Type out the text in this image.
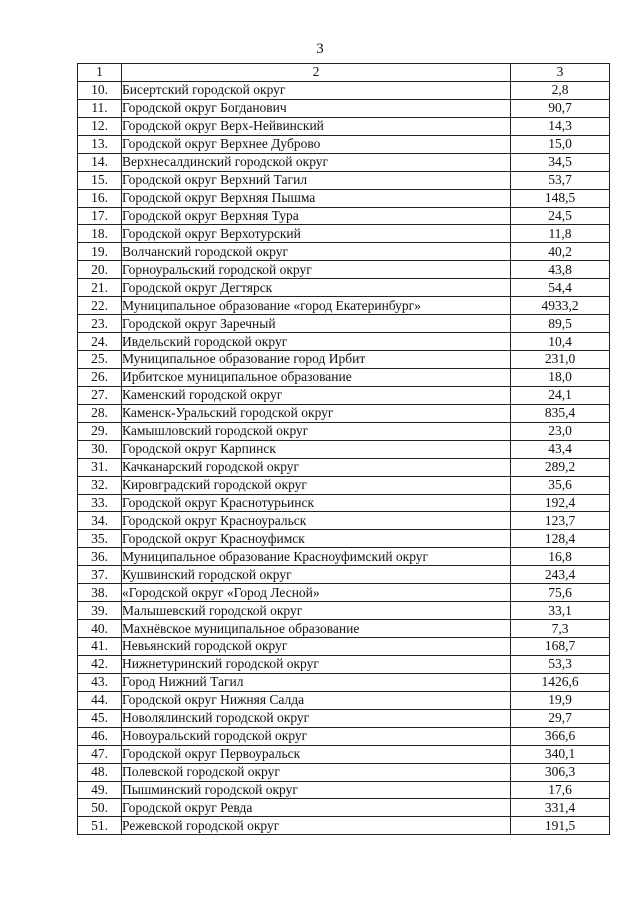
3
1	2	3
10.	Бисертский городской округ	2,8
11.	Городской округ Богданович	90,7
12.	Городской округ Верх-Нейвинский	14,3
13.	Городской округ Верхнее Дуброво	15,0
14.	Верхнесалдинский городской округ	34,5
15.	Городской округ Верхний Тагил	53,7
16.	Городской округ Верхняя Пышма	148,5
17.	Городской округ Верхняя Тура	24,5
18.	Городской округ Верхотурский	11,8
19.	Волчанский городской округ	40,2
20.	Горноуральский городской округ	43,8
21.	Городской округ Дегтярск	54,4
22.	Муниципальное образование «город Екатеринбург»	4933,2
23.	Городской округ Заречный	89,5
24.	Ивдельский городской округ	10,4
25.	Муниципальное образование город Ирбит	231,0
26.	Ирбитское муниципальное образование	18,0
27.	Каменский городской округ	24,1
28.	Каменск-Уральский городской округ	835,4
29.	Камышловский городской округ	23,0
30.	Городской округ Карпинск	43,4
31.	Качканарский городской округ	289,2
32.	Кировградский городской округ	35,6
33.	Городской округ Краснотурьинск	192,4
34.	Городской округ Красноуральск	123,7
35.	Городской округ Красноуфимск	128,4
36.	Муниципальное образование Красноуфимский округ	16,8
37.	Кушвинский городской округ	243,4
38.	«Городской округ «Город Лесной»	75,6
39.	Малышевский городской округ	33,1
40.	Махнёвское муниципальное образование	7,3
41.	Невьянский городской округ	168,7
42.	Нижнетуринский городской округ	53,3
43.	Город Нижний Тагил	1426,6
44.	Городской округ Нижняя Салда	19,9
45.	Новолялинский городской округ	29,7
46.	Новоуральский городской округ	366,6
47.	Городской округ Первоуральск	340,1
48.	Полевской городской округ	306,3
49.	Пышминский городской округ	17,6
50.	Городской округ Ревда	331,4
51.	Режевской городской округ	191,5
